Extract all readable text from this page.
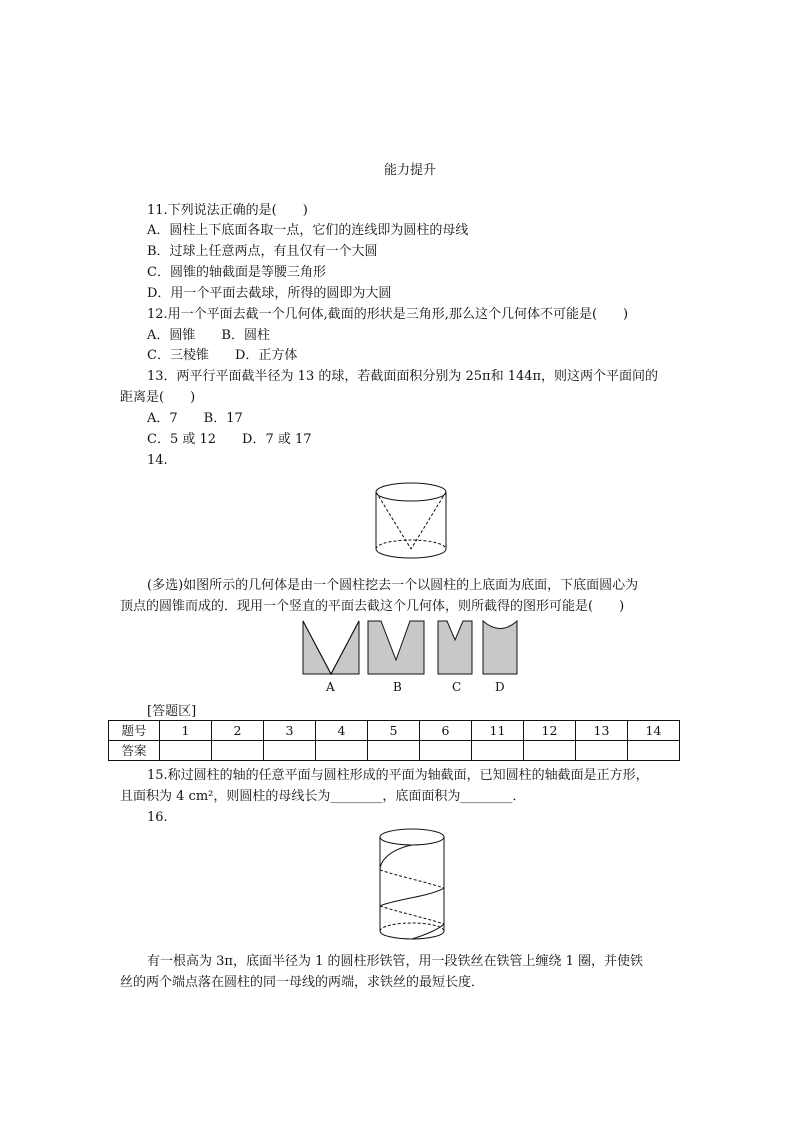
能力提升
11.下列说法正确的是(　　)
A．圆柱上下底面各取一点，它们的连线即为圆柱的母线
B．过球上任意两点，有且仅有一个大圆
C．圆锥的轴截面是等腰三角形
D．用一个平面去截球，所得的圆即为大圆
12.用一个平面去截一个几何体,截面的形状是三角形,那么这个几何体不可能是(　　)
A．圆锥　　B．圆柱
C．三棱锥　　D．正方体
13．两平行平面截半径为 13 的球，若截面面积分别为 25π和 144π，则这两个平面间的
距离是(　　)
A．7　　B．17
C．5 或 12　　D．7 或 17
14.
(多选)如图所示的几何体是由一个圆柱挖去一个以圆柱的上底面为底面，下底面圆心为
顶点的圆锥而成的．现用一个竖直的平面去截这个几何体，则所截得的图形可能是(　　)
A	B	C	D
[答题区]
题号	1	2	3	4	5	6	11	12	13	14
答案										
15.称过圆柱的轴的任意平面与圆柱形成的平面为轴截面，已知圆柱的轴截面是正方形，
且面积为 4 cm²，则圆柱的母线长为________，底面面积为________．
16.
有一根高为 3π，底面半径为 1 的圆柱形铁管，用一段铁丝在铁管上缠绕 1 圈，并使铁
丝的两个端点落在圆柱的同一母线的两端，求铁丝的最短长度．
